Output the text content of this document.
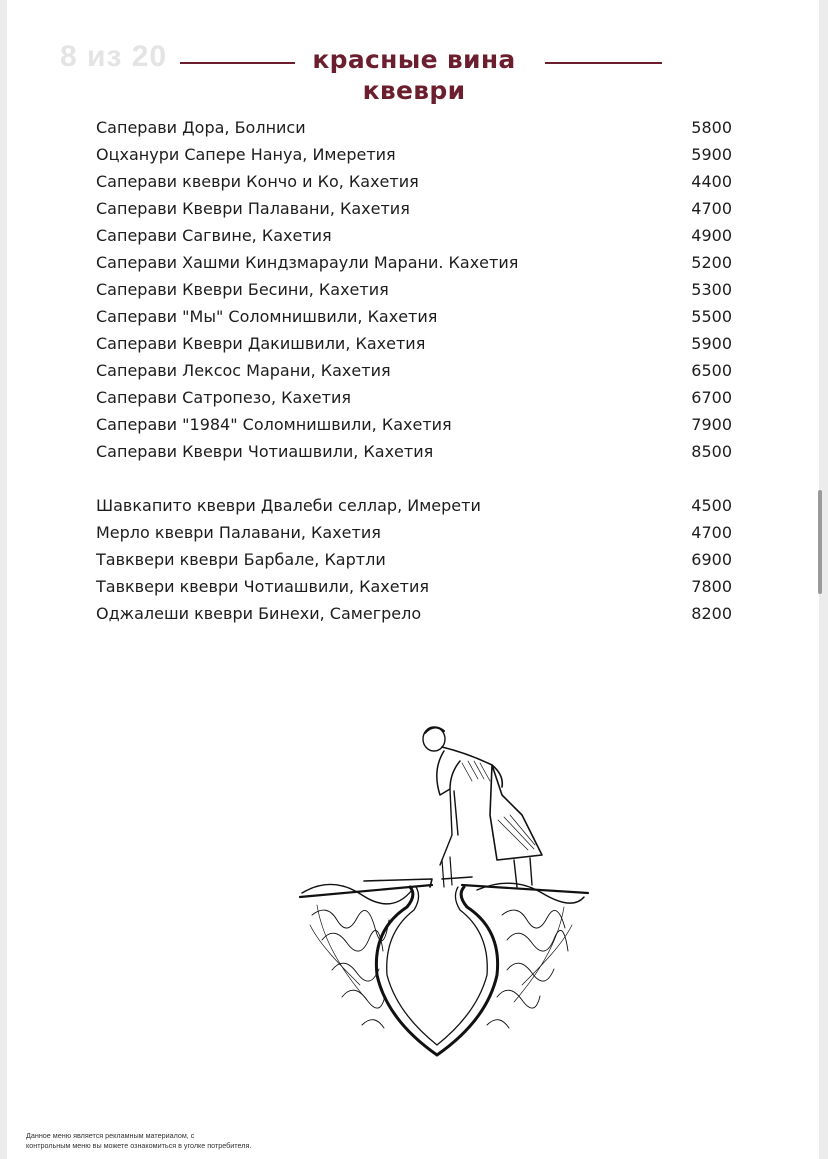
8 из 20	красные вина
квеври
Саперави Дора, Болниси	5800
Оцханури Сапере Нануа, Имеретия	5900
Саперави квеври Кончо и Ко, Кахетия	4400
Саперави Квеври Палавани, Кахетия	4700
Саперави Сагвине, Кахетия	4900
Саперави Хашми Киндзмараули Марани. Кахетия	5200
Саперави Квеври Бесини, Кахетия	5300
Саперави "Мы" Соломнишвили, Кахетия	5500
Саперави Квеври Дакишвили, Кахетия	5900
Саперави Лексос Марани, Кахетия	6500
Саперави Сатропезо, Кахетия	6700
Саперави "1984" Соломнишвили, Кахетия	7900
Саперави Квеври Чотиашвили, Кахетия	8500
Шавкапито квеври Двалеби селлар, Имерети	4500
Мерло квеври Палавани, Кахетия	4700
Тавквери квеври Барбале, Картли	6900
Тавквери квеври Чотиашвили, Кахетия	7800
Оджалеши квеври Бинехи, Самегрело	8200
Данное меню является рекламным материалом, с
контрольным меню вы можете ознакомиться в уголке потребителя.
